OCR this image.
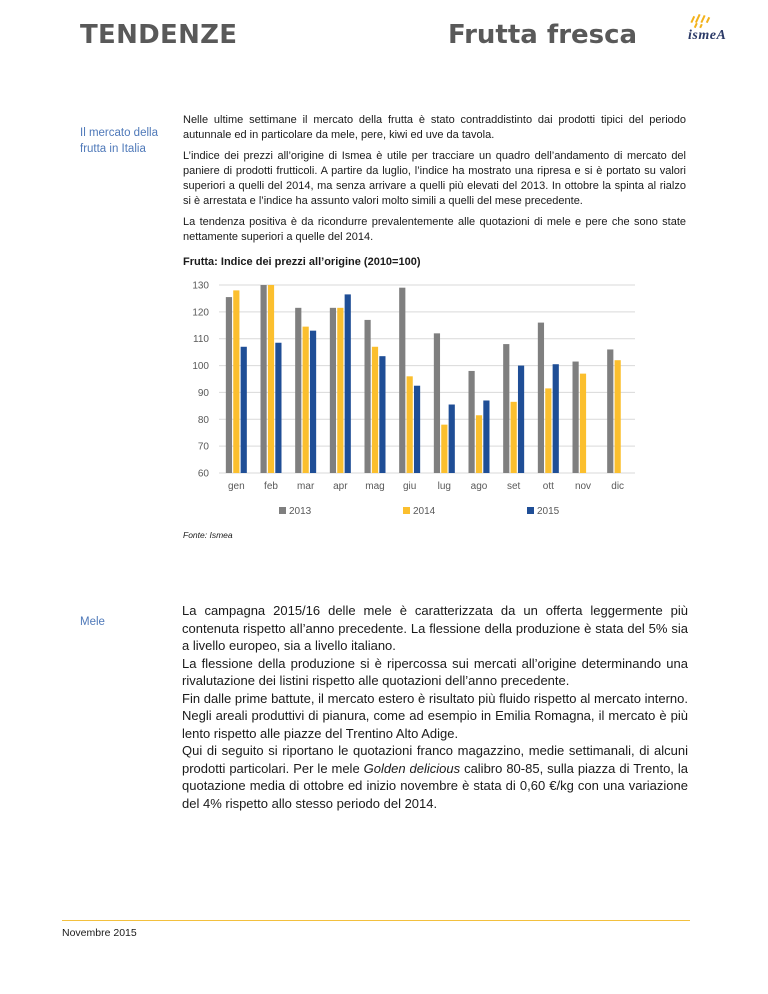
TENDENZE	Frutta fresca	ismeA
Il mercato della
frutta in Italia

Nelle ultime settimane il mercato della frutta è stato contraddistinto dai prodotti tipici del periodo autunnale ed in particolare da mele, pere, kiwi ed uve da tavola.

L’indice dei prezzi all’origine di Ismea è utile per tracciare un quadro dell’andamento di mercato del paniere di prodotti frutticoli. A partire da luglio, l’indice ha mostrato una ripresa e si è portato su valori superiori a quelli del 2014, ma senza arrivare a quelli più elevati del 2013. In ottobre la spinta al rialzo si è arrestata e l’indice ha assunto valori molto simili a quelli del mese precedente.

La tendenza positiva è da ricondurre prevalentemente alle quotazioni di mele e pere che sono state nettamente superiori a quelle del 2014.

Frutta: Indice dei prezzi all’origine (2010=100)
60
70
80
90
100
110
120
130
gen feb mar apr mag giu lug ago set ott nov dic
2013	2014	2015
Fonte: Ismea
Mele

La campagna 2015/16 delle mele è caratterizzata da un offerta leggermente più contenuta rispetto all’anno precedente. La flessione della produzione è stata del 5% sia a livello europeo, sia a livello italiano.

La flessione della produzione si è ripercossa sui mercati all’origine determinando una rivalutazione dei listini rispetto alle quotazioni dell’anno precedente.

Fin dalle prime battute, il mercato estero è risultato più fluido rispetto al mercato interno. Negli areali produttivi di pianura, come ad esempio in Emilia Romagna, il mercato è più lento rispetto alle piazze del Trentino Alto Adige.

Qui di seguito si riportano le quotazioni franco magazzino, medie settimanali, di alcuni prodotti particolari. Per le mele Golden delicious calibro 80-85, sulla piazza di Trento, la quotazione media di ottobre ed inizio novembre è stata di 0,60 €/kg con una variazione del 4% rispetto allo stesso periodo del 2014.

Novembre 2015
